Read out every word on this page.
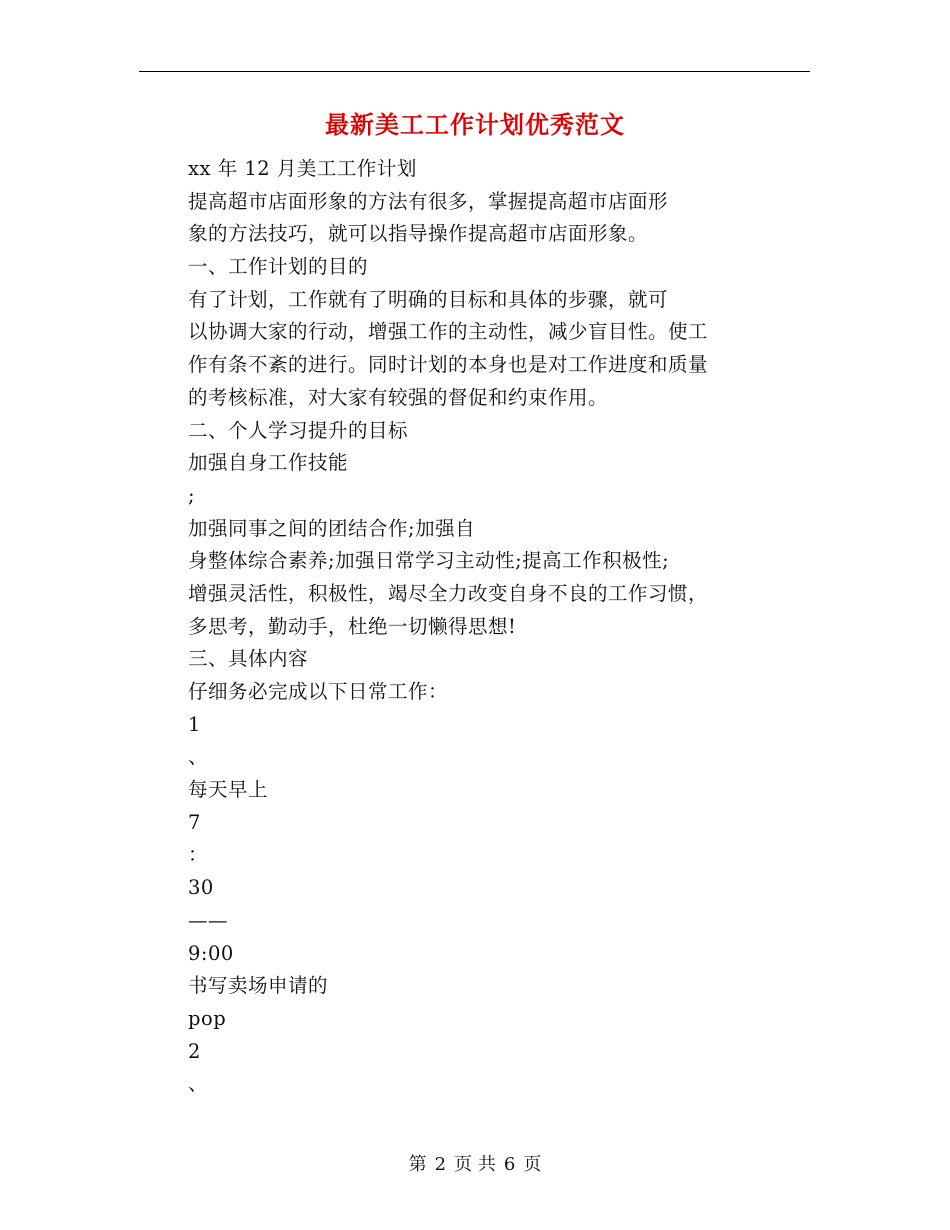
最新美工工作计划优秀范文
xx 年 12 月美工工作计划
提高超市店面形象的方法有很多，掌握提高超市店面形
象的方法技巧，就可以指导操作提高超市店面形象。
一、工作计划的目的
有了计划，工作就有了明确的目标和具体的步骤，就可
以协调大家的行动，增强工作的主动性，减少盲目性。使工
作有条不紊的进行。同时计划的本身也是对工作进度和质量
的考核标准，对大家有较强的督促和约束作用。
二、个人学习提升的目标
加强自身工作技能
;
加强同事之间的团结合作;加强自
身整体综合素养;加强日常学习主动性;提高工作积极性;
增强灵活性，积极性，竭尽全力改变自身不良的工作习惯，
多思考，勤动手，杜绝一切懒得思想!
三、具体内容
仔细务必完成以下日常工作：
1
、
每天早上
7
：
30
——
9:00
书写卖场申请的
pop
2
、
第 2 页 共 6 页
